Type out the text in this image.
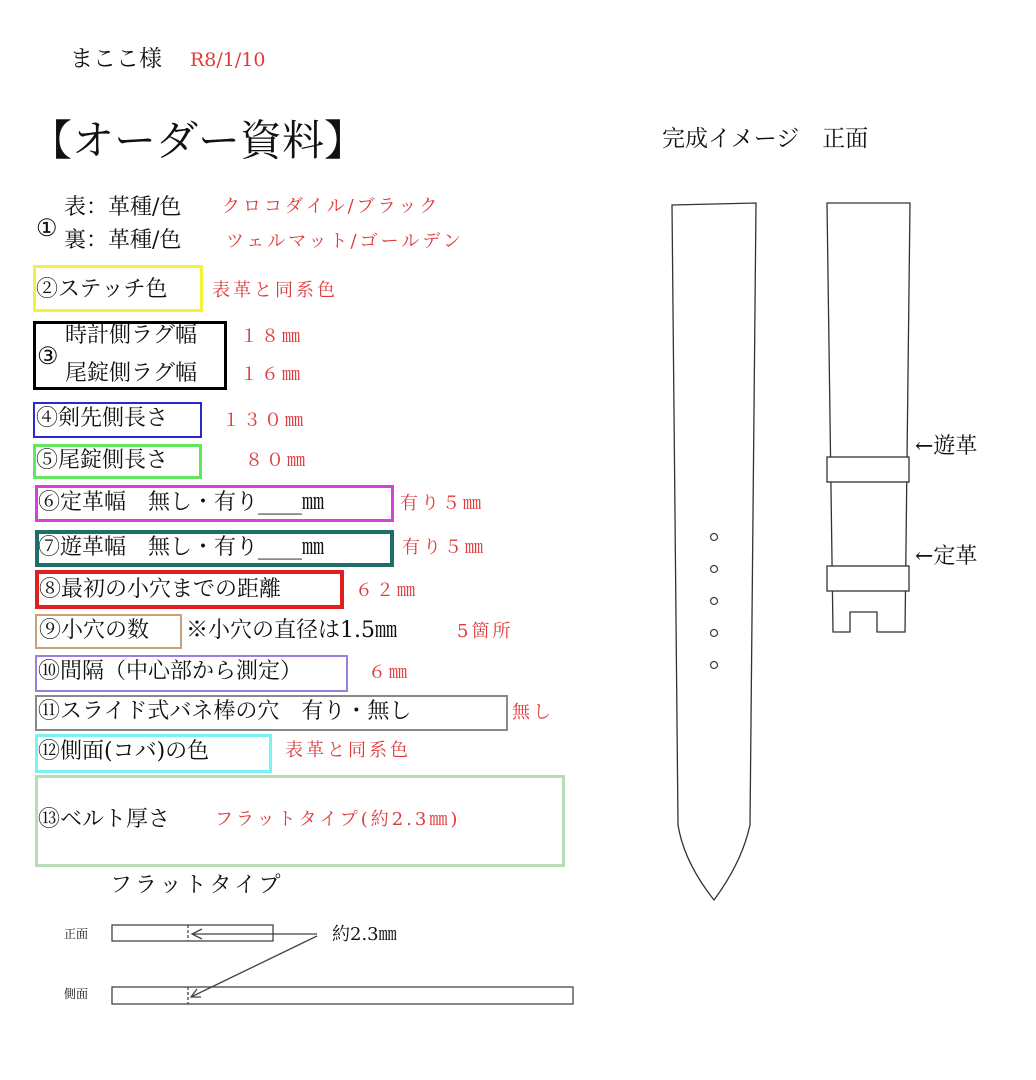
まここ様 R8/1/10
【オーダー資料】	完成イメージ　正面
①
表：革種/色 クロコダイル/ブラック
裏：革種/色 ツェルマット/ゴールデン
②ステッチ色 表革と同系色
③
時計側ラグ幅 １８㎜
尾錠側ラグ幅 １６㎜
④剣先側長さ	１３０㎜
⑤尾錠側長さ	８０㎜
⑥定革幅　無し・有り____㎜	有り５㎜
⑦遊革幅　無し・有り____㎜	有り５㎜
⑧最初の小穴までの距離	６２㎜
⑨小穴の数 ※小穴の直径は1.5㎜	5箇所
⑩間隔（中心部から測定）	６㎜
⑪スライド式バネ棒の穴　有り・無し	無し
⑫側面(コバ)の色	表革と同系色
⑬ベルト厚さ フラットタイプ(約2.3㎜)
フラットタイプ
正面
側面
約2.3㎜
←遊革
←定革
